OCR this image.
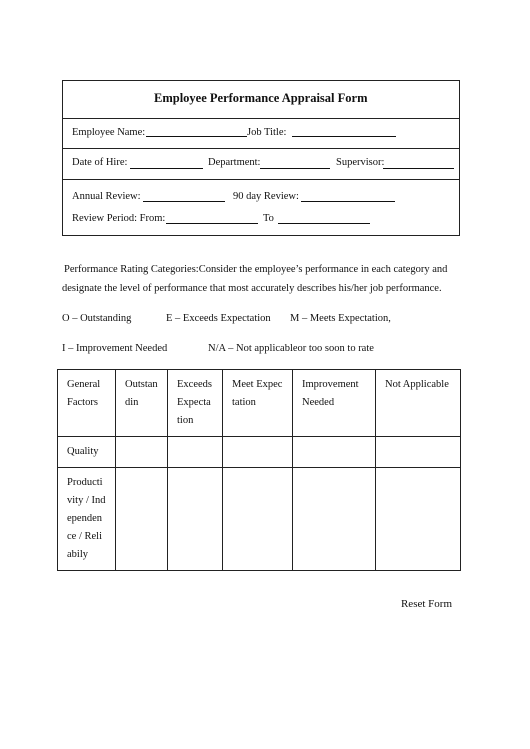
Employee Performance Appraisal Form
Employee Name:	Job Title:
Date of Hire:	Department:	Supervisor:
Annual Review:	90 day Review:
Review Period: From:	To
Performance Rating Categories:Consider the employee’s performance in each category and
designate the level of performance that most accurately describes his/her job performance.
O – Outstanding	E – Exceeds Expectation M – Meets Expectation,
I – Improvement Needed	N/A – Not applicableor too soon to rate
General Factors	Outstandin	Exceeds Expectation	Meet Expectation	Improvement Needed	Not Applicable
Quality					
Productivity / Independence / Reliabily					
Reset Form
